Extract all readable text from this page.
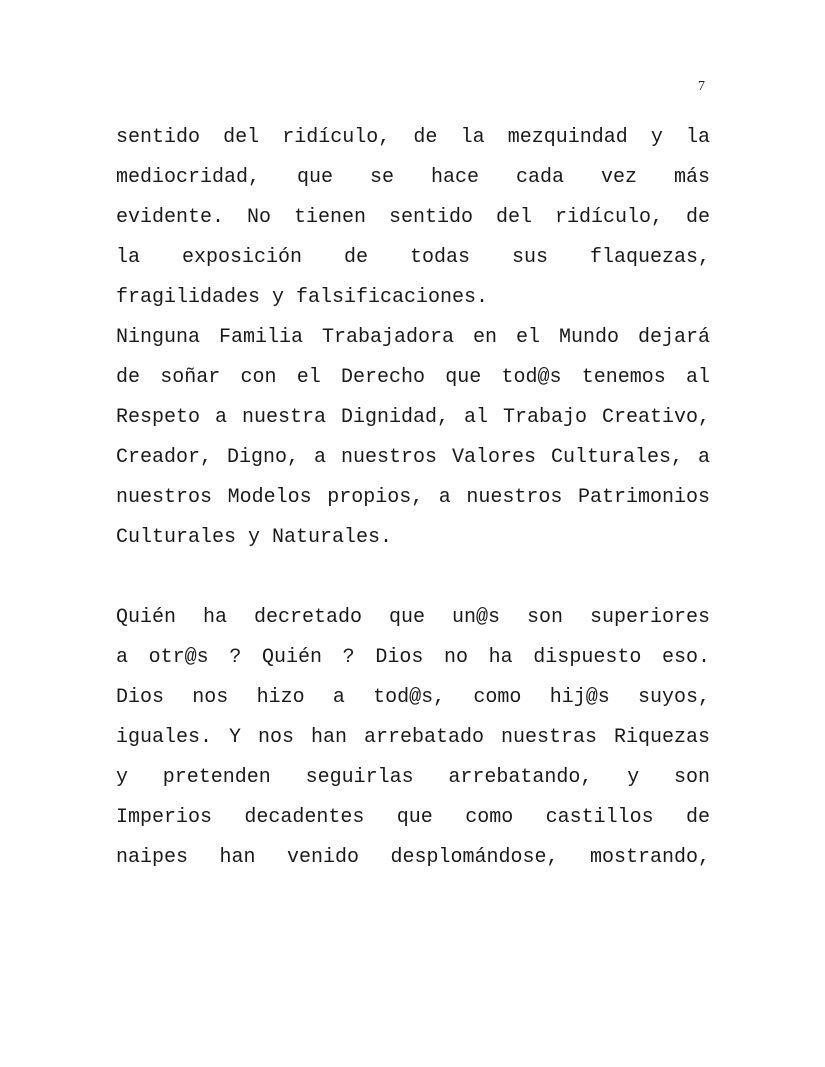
7
sentido del ridículo, de la mezquindad y la
mediocridad, que se hace cada vez más
evidente. No tienen sentido del ridículo, de
la exposición de todas sus flaquezas,
fragilidades y falsificaciones.
Ninguna Familia Trabajadora en el Mundo dejará
de soñar con el Derecho que tod@s tenemos al
Respeto a nuestra Dignidad, al Trabajo Creativo,
Creador, Digno, a nuestros Valores Culturales, a
nuestros Modelos propios, a nuestros Patrimonios
Culturales y Naturales.
Quién ha decretado que un@s son superiores
a otr@s ? Quién ? Dios no ha dispuesto eso.
Dios nos hizo a tod@s, como hij@s suyos,
iguales. Y nos han arrebatado nuestras Riquezas
y pretenden seguirlas arrebatando, y son
Imperios decadentes que como castillos de
naipes han venido desplomándose, mostrando,
